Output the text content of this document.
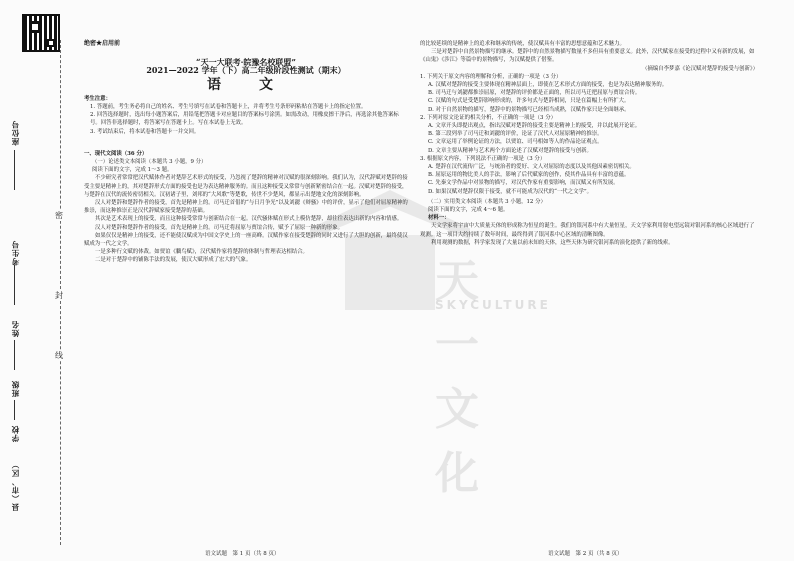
座位号
考生号
姓名
班级
学校
县（市、区）
密
封
线
天一文化
SKYCULTURE
绝密★启用前
“天一大联考·皖豫名校联盟”
2021—2022 学年（下）高二年级阶段性测试（期末）
语　文
考生注意：

1. 答题前，考生务必将自己的姓名、考生号填写在试卷和答题卡上，并将考生号条形码粘贴在答题卡上的指定位置。

2. 回答选择题时，选出每小题答案后，用铅笔把答题卡对应题目的答案标号涂黑。如需改动，用橡皮擦干净后，再选涂其他答案标号。回答非选择题时，将答案写在答题卡上。写在本试卷上无效。

3. 考试结束后，将本试卷和答题卡一并交回。

一、现代文阅读（36 分）
（一）论述类文本阅读（本题共 3 小题，9 分）
阅读下面的文字，完成 1～3 题。

不少研究者常常把汉代赋体作者对楚辞艺术形式的接受，乃忽视了楚辞的精神对汉赋的很深刻影响。我们认为，汉代辞赋对楚辞的接受主要是精神上的，其对楚辞形式方面的接受也是为表达精神服务的。而且这种接受又常常与创新紧密结合在一起。汉赋对楚辞的接受，与楚辞在汉代的流传密切相关。汉初诸子里，刘邦的“大风歌”等楚歌，传世不少楚风，都显示出楚地文化的深刻影响。

汉人对楚辞和楚辞作者的接受，首先是精神上的。司马迁首倡的“与日月争光”以及刘勰《辩骚》中的评价，显示了他们对屈原精神的推崇，而这种推崇正是汉代辞赋家接受楚辞的基础。

其次是艺术表现上的接受，而且这种接受常常与创新结合在一起。汉代骚体赋在形式上模仿楚辞，却往往表达出新的内容和情感。

汉人对楚辞和楚辞作者的接受，首先是精神上的。司马迁将屈原与贾谊合传，赋予了屈原一种新的形象。

如果仅仅是精神上的接受，还不能使汉赋成为中国文学史上的一座高峰。汉赋作家在接受楚辞的同时又进行了大胆的创新，最终使汉赋成为一代之文学。

一是多种行文赋的体裁。如贾谊《鵩鸟赋》，汉代赋作家将楚辞的体制与哲理表达相结合。

二是对于楚辞中的铺陈手法的发展，使汉大赋形成了宏大的气象。

的比较延续的是精神上的追求和继承的传统，使汉赋具有丰富的思想意蕴和艺术魅力。

三是对楚辞中自然景物描写的继承。楚辞中的自然景物描写数量不多但具有重要意义。此外，汉代赋家在接受的过程中又有新的发展，如《山鬼》《涉江》等篇中的景物描写，为汉赋提供了借鉴。

（摘编自李梦嘉《论汉赋对楚辞的接受与创新》）
1. 下列关于原文内容的理解和分析，正确的一项是（3 分）

A. 汉赋对楚辞的接受主要体现在精神层面上，即使在艺术形式方面的接受，也是为表达精神服务的。

B. 司马迁与刘勰都推崇屈原，对楚辞的评价都是正面的，所以司马迁把屈原与贾谊合传。

C. 汉赋的句式是受楚辞影响形成的，许多句式与楚辞相同，只是在篇幅上有所扩大。

D. 对于自然景物的描写，楚辞中的景物描写已经相当成熟，汉赋作家只是全面继承。

2. 下列对原文论证的相关分析，不正确的一项是（3 分）

A. 文章开头即提出观点，指出汉赋对楚辞的接受主要是精神上的接受，并以此展开论证。

B. 第三段列举了司马迁和刘勰的评价，论证了汉代人对屈原精神的推崇。

C. 文章运用了举例论证的方法，以贾谊、司马相如等人的作品论证观点。

D. 文章主要从精神与艺术两个方面论述了汉赋对楚辞的接受与创新。

3. 根据原文内容，下列说法不正确的一项是（3 分）

A. 楚辞在汉代流传广泛，与统治者的爱好、文人对屈原的态度以及其他因素密切相关。

B. 屈原运用的物比美人的手法，影响了后代赋家的创作，使其作品具有丰富的意蕴。

C. 先秦文学作品中对景物的描写，对汉代作家有重要影响，而汉赋又有所发展。

D. 如果汉赋对楚辞仅限于接受，就不可能成为汉代的“一代之文学”。

（二）实用类文本阅读（本题共 3 小题，12 分）
阅读下面的文字，完成 4～6 题。
材料一：

天文学家将宇宙中大质量天体的形成称为恒星的诞生。我们的银河系中有大量恒星，天文学家利用射电望远镜对银河系的核心区域进行了观测。这一项目大约持续了数年时间，最终得到了银河系中心区域的清晰图像。

利用观测的数据，科学家发现了大量以前未知的天体，这些天体为研究银河系的演化提供了新的线索。

语文试题　第 1 页（共 8 页）	语文试题　第 2 页（共 8 页）
